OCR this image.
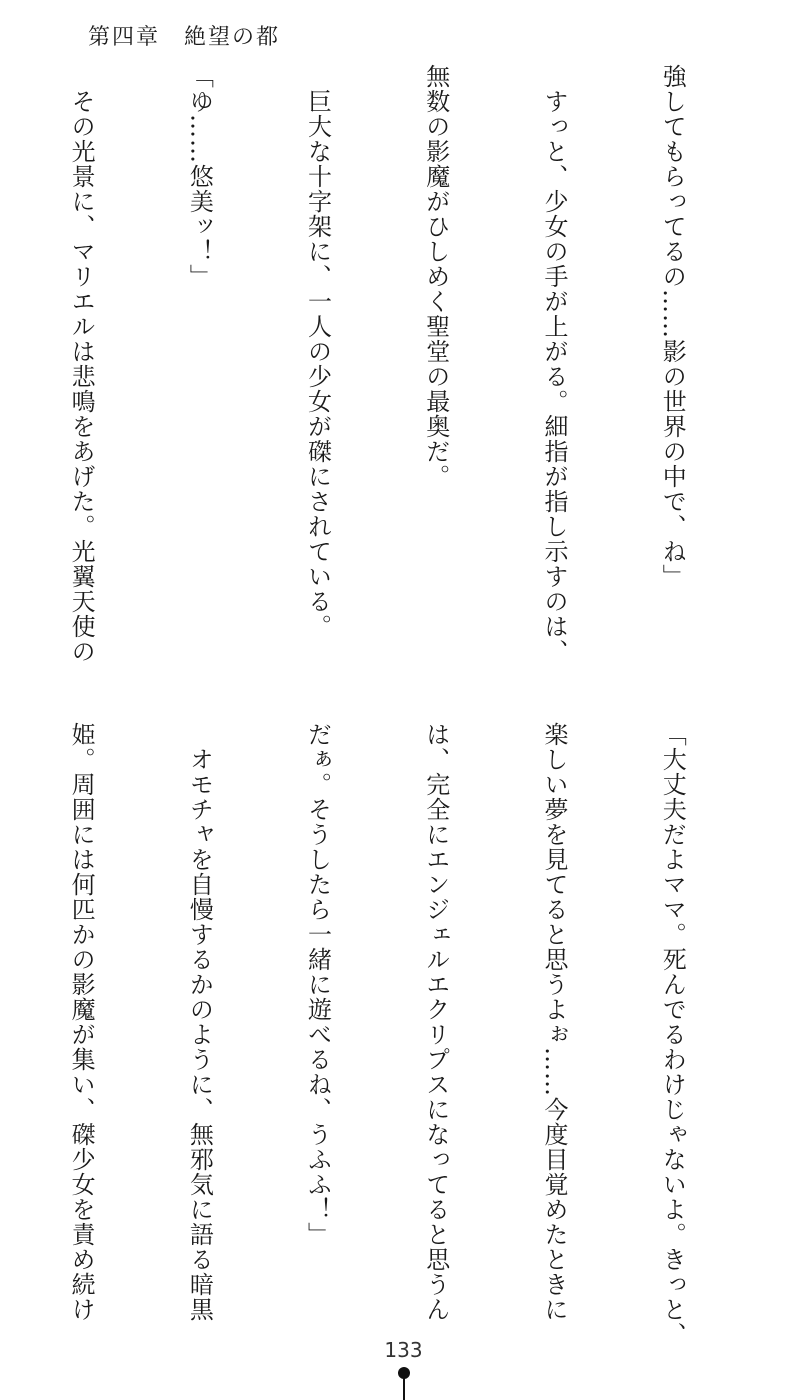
第四章　絶望の都

強してもらってるの……影の世界の中で、ね」

　すっと、少女の手が上がる。細指が指し示すのは、

無数の影魔がひしめく聖堂の最奥だ。

　巨大な十字架に、一人の少女が磔にされている。

「ゆ……悠美ッ！」

　その光景に、マリエルは悲鳴をあげた。光翼天使の

「大丈夫だよママ。死んでるわけじゃないよ。きっと、

楽しい夢を見てると思うよぉ……今度目覚めたときに

は、完全にエンジェルエクリプスになってると思うん

だぁ。そうしたら一緒に遊べるね、うふふ！」

　オモチャを自慢するかのように、無邪気に語る暗黒

姫。周囲には何匹かの影魔が集い、磔少女を責め続け

133
